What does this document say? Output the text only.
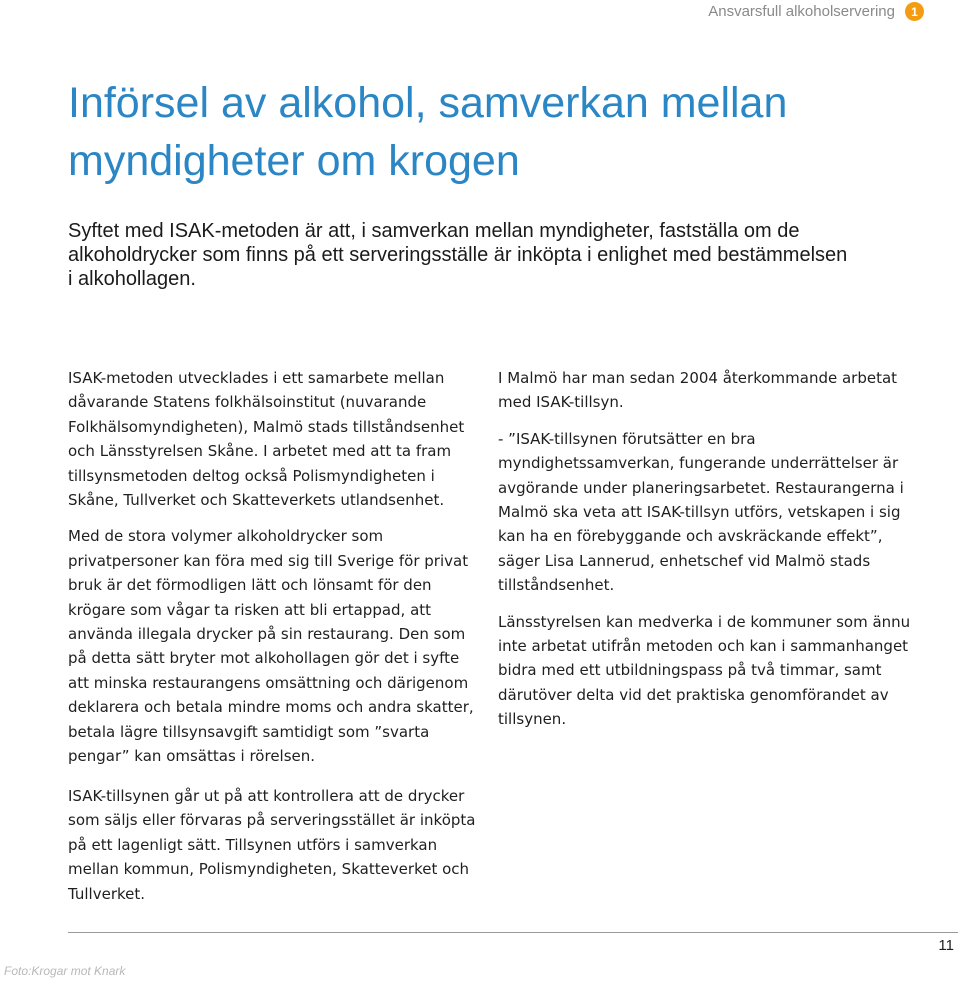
Ansvarsfull alkoholservering	1
Införsel av alkohol, samverkan mellan myndigheter om krogen

Syftet med ISAK-metoden är att, i samverkan mellan myndigheter, fastställa om de alkoholdrycker som finns på ett serveringsställe är inköpta i enlighet med bestämmelsen i alkohollagen.

ISAK-metoden utvecklades i ett samarbete mellan dåvarande Statens folkhälsoinstitut (nuvarande Folkhälsomyndigheten), Malmö stads tillståndsenhet och Länsstyrelsen Skåne. I arbetet med att ta fram tillsynsmetoden deltog också Polismyndigheten i Skåne, Tullverket och Skatteverkets utlandsenhet.

Med de stora volymer alkoholdrycker som privatpersoner kan föra med sig till Sverige för privat bruk är det förmodligen lätt och lönsamt för den krögare som vågar ta risken att bli ertappad, att använda illegala drycker på sin restaurang. Den som på detta sätt bryter mot alkohollagen gör det i syfte att minska restaurangens omsättning och därigenom deklarera och betala mindre moms och andra skatter, betala lägre tillsynsavgift samtidigt som ”svarta pengar” kan omsättas i rörelsen.

ISAK-tillsynen går ut på att kontrollera att de drycker som säljs eller förvaras på serveringsstället är inköpta på ett lagenligt sätt. Tillsynen utförs i samverkan mellan kommun, Polismyndigheten, Skatteverket och Tullverket.

I Malmö har man sedan 2004 återkommande arbetat med ISAK-tillsyn.

- ”ISAK-tillsynen förutsätter en bra myndighetssamverkan, fungerande underrättelser är avgörande under planeringsarbetet. Restaurangerna i Malmö ska veta att ISAK-tillsyn utförs, vetskapen i sig kan ha en förebyggande och avskräckande effekt”, säger Lisa Lannerud, enhetschef vid Malmö stads tillståndsenhet.

Länsstyrelsen kan medverka i de kommuner som ännu inte arbetat utifrån metoden och kan i sammanhanget bidra med ett utbildningspass på två timmar, samt därutöver delta vid det praktiska genomförandet av tillsynen.

11
Foto:Krogar mot Knark
